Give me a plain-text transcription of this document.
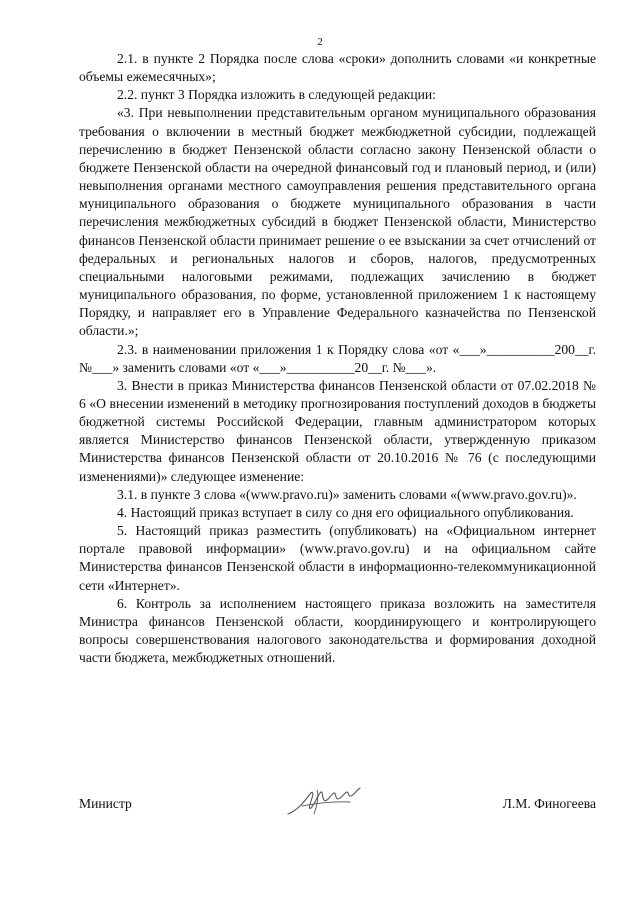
2

2.1. в пункте 2 Порядка после слова «сроки» дополнить словами «и конкретные объемы ежемесячных»;

2.2. пункт 3 Порядка изложить в следующей редакции:

«3. При невыполнении представительным органом муниципального образования требования о включении в местный бюджет межбюджетной субсидии, подлежащей перечислению в бюджет Пензенской области согласно закону Пензенской области о бюджете Пензенской области на очередной финансовый год и плановый период, и (или) невыполнения органами местного самоуправления решения представительного органа муниципального образования о бюджете муниципального образования в части перечисления межбюджетных субсидий в бюджет Пензенской области, Министерство финансов Пензенской области принимает решение о ее взыскании за счет отчислений от федеральных и региональных налогов и сборов, налогов, предусмотренных специальными налоговыми режимами, подлежащих зачислению в бюджет муниципального образования, по форме, установленной приложением 1 к настоящему Порядку, и направляет его в Управление Федерального казначейства по Пензенской области.»;

2.3. в наименовании приложения 1 к Порядку слова «от «___»__________200__г. №___» заменить словами «от «___»__________20__г. №___».

3. Внести в приказ Министерства финансов Пензенской области от 07.02.2018 № 6 «О внесении изменений в методику прогнозирования поступлений доходов в бюджеты бюджетной системы Российской Федерации, главным администратором которых является Министерство финансов Пензенской области, утвержденную приказом Министерства финансов Пензенской области от 20.10.2016 № 76 (с последующими изменениями)» следующее изменение:

3.1. в пункте 3 слова «(www.pravo.ru)» заменить словами «(www.pravo.gov.ru)».

4. Настоящий приказ вступает в силу со дня его официального опубликования.

5. Настоящий приказ разместить (опубликовать) на «Официальном интернет портале правовой информации» (www.pravo.gov.ru) и на официальном сайте Министерства финансов Пензенской области в информационно-телекоммуникационной сети «Интернет».

6. Контроль за исполнением настоящего приказа возложить на заместителя Министра финансов Пензенской области, координирующего и контролирующего вопросы совершенствования налогового законодательства и формирования доходной части бюджета, межбюджетных отношений.

Министр	Л.М. Финогеева
